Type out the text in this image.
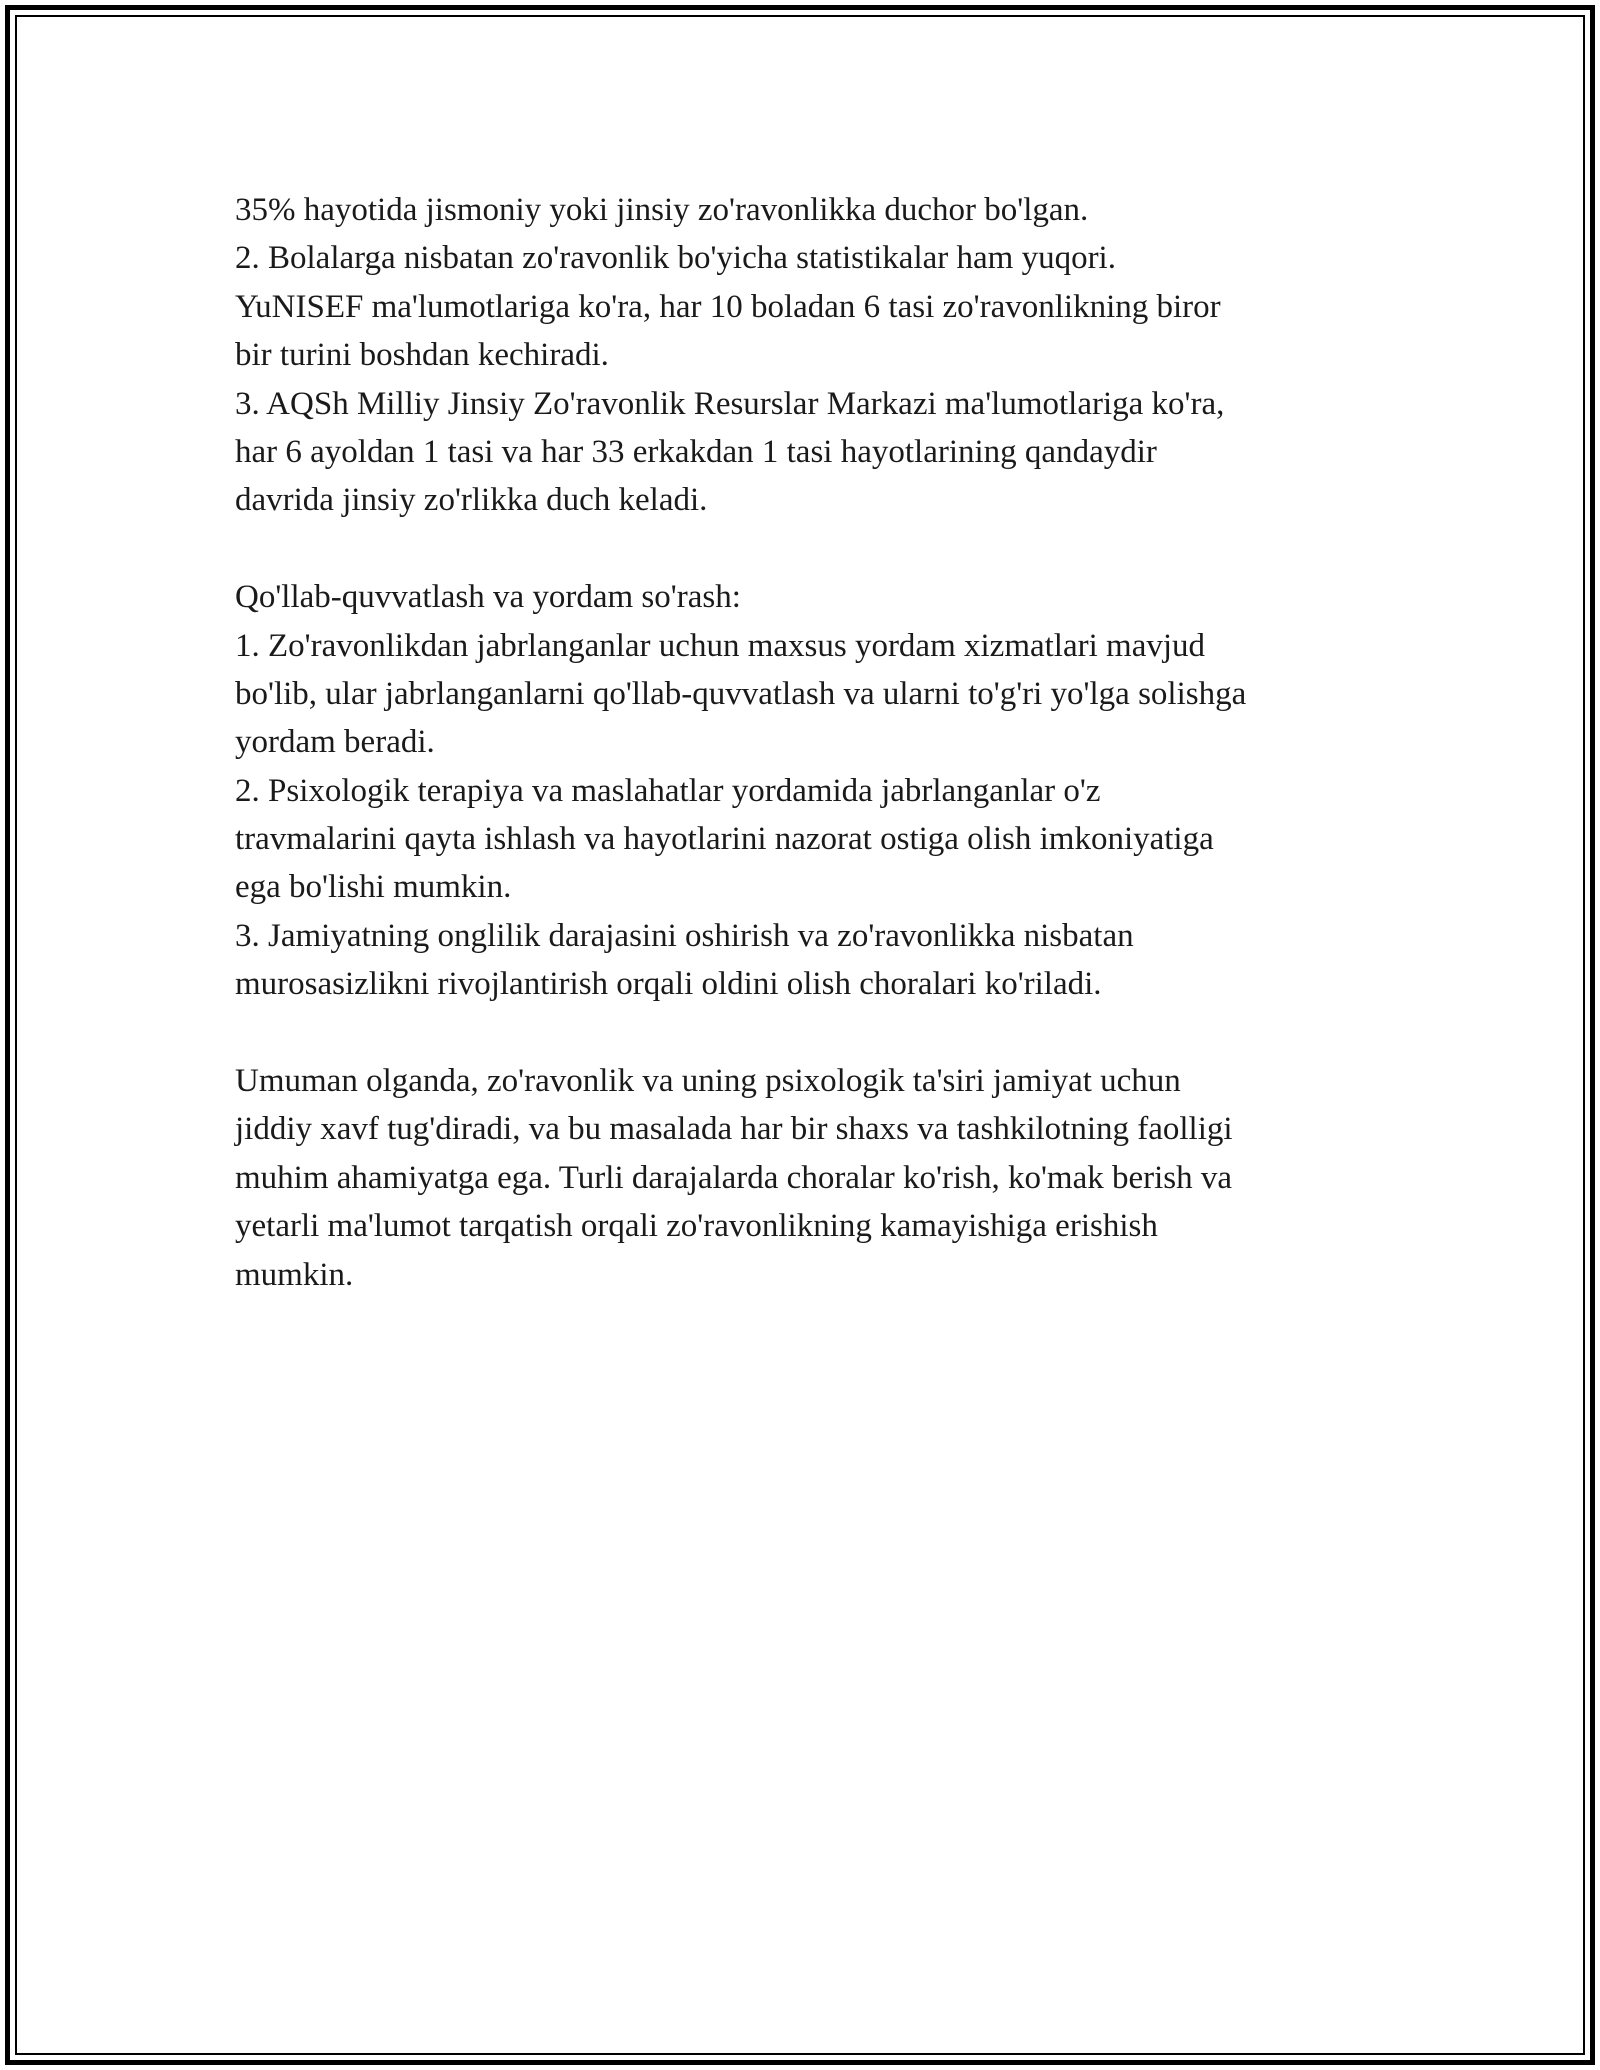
35% hayotida jismoniy yoki jinsiy zo'ravonlikka duchor bo'lgan.
2. Bolalarga nisbatan zo'ravonlik bo'yicha statistikalar ham yuqori.
YuNISEF ma'lumotlariga ko'ra, har 10 boladan 6 tasi zo'ravonlikning biror
bir turini boshdan kechiradi.
3. AQSh Milliy Jinsiy Zo'ravonlik Resurslar Markazi ma'lumotlariga ko'ra,
har 6 ayoldan 1 tasi va har 33 erkakdan 1 tasi hayotlarining qandaydir
davrida jinsiy zo'rlikka duch keladi.
Qo'llab-quvvatlash va yordam so'rash:
1. Zo'ravonlikdan jabrlanganlar uchun maxsus yordam xizmatlari mavjud
bo'lib, ular jabrlanganlarni qo'llab-quvvatlash va ularni to'g'ri yo'lga solishga
yordam beradi.
2. Psixologik terapiya va maslahatlar yordamida jabrlanganlar o'z
travmalarini qayta ishlash va hayotlarini nazorat ostiga olish imkoniyatiga
ega bo'lishi mumkin.
3. Jamiyatning onglilik darajasini oshirish va zo'ravonlikka nisbatan
murosasizlikni rivojlantirish orqali oldini olish choralari ko'riladi.
Umuman olganda, zo'ravonlik va uning psixologik ta'siri jamiyat uchun
jiddiy xavf tug'diradi, va bu masalada har bir shaxs va tashkilotning faolligi
muhim ahamiyatga ega. Turli darajalarda choralar ko'rish, ko'mak berish va
yetarli ma'lumot tarqatish orqali zo'ravonlikning kamayishiga erishish
mumkin.
